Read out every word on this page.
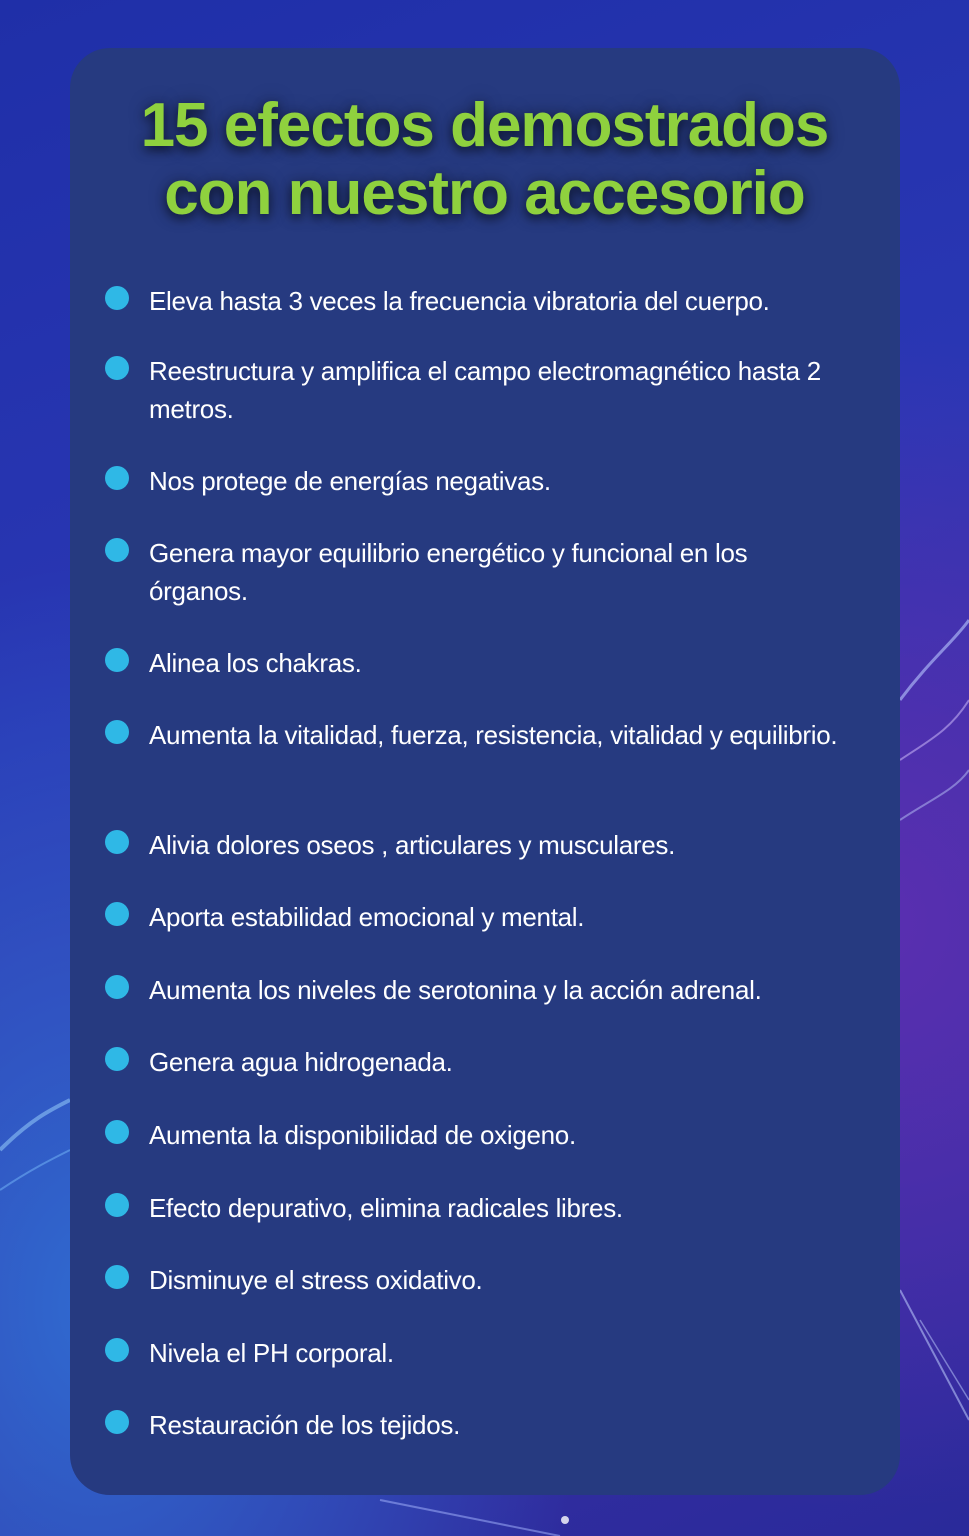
15 efectos demostrados
con nuestro accesorio
Eleva hasta 3 veces la frecuencia vibratoria del cuerpo.
Reestructura y amplifica el campo electromagnético hasta 2 metros.
Nos protege de energías negativas.
Genera mayor equilibrio energético y funcional en los órganos.
Alinea los chakras.
Aumenta la vitalidad, fuerza, resistencia, vitalidad y equilibrio.
Alivia dolores oseos , articulares y musculares.
Aporta estabilidad emocional y mental.
Aumenta los niveles de serotonina y la acción adrenal.
Genera agua hidrogenada.
Aumenta la disponibilidad de oxigeno.
Efecto depurativo, elimina radicales libres.
Disminuye el stress oxidativo.
Nivela el PH corporal.
Restauración de los tejidos.
